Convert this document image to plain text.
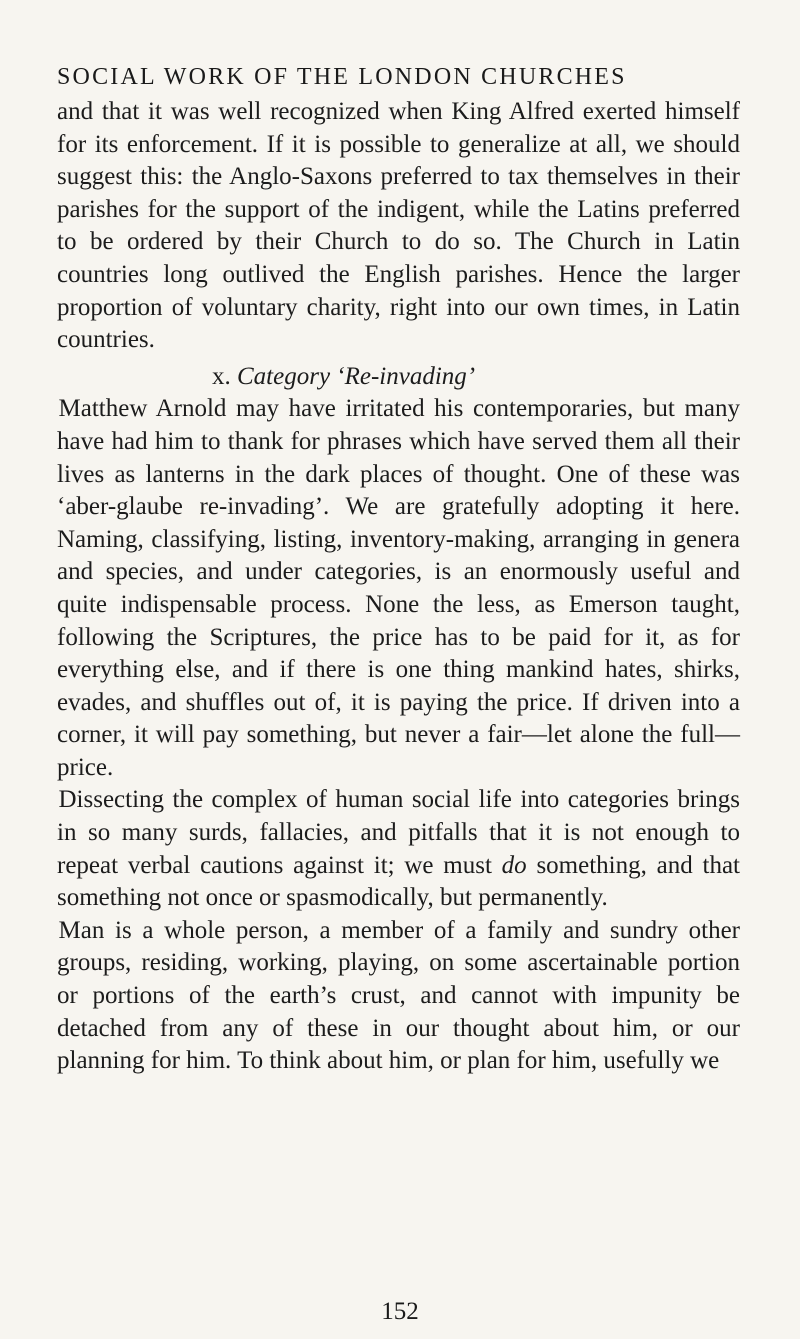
SOCIAL WORK OF THE LONDON CHURCHES

and that it was well recognized when King Alfred exerted himself for its enforcement. If it is possible to generalize at all, we should suggest this: the Anglo-Saxons preferred to tax themselves in their parishes for the support of the indigent, while the Latins preferred to be ordered by their Church to do so. The Church in Latin countries long outlived the English parishes. Hence the larger proportion of voluntary charity, right into our own times, in Latin countries.

x. Category ‘Re-invading’

Matthew Arnold may have irritated his contemporaries, but many have had him to thank for phrases which have served them all their lives as lanterns in the dark places of thought. One of these was ‘aber-glaube re-invading’. We are gratefully adopting it here. Naming, classifying, listing, inventory-making, arranging in genera and species, and under categories, is an enormously useful and quite indispensable process. None the less, as Emerson taught, following the Scriptures, the price has to be paid for it, as for everything else, and if there is one thing mankind hates, shirks, evades, and shuffles out of, it is paying the price. If driven into a corner, it will pay something, but never a fair—let alone the full—price.

Dissecting the complex of human social life into categories brings in so many surds, fallacies, and pitfalls that it is not enough to repeat verbal cautions against it; we must do something, and that something not once or spasmodically, but permanently.

Man is a whole person, a member of a family and sundry other groups, residing, working, playing, on some ascertainable portion or portions of the earth’s crust, and cannot with impunity be detached from any of these in our thought about him, or our planning for him. To think about him, or plan for him, usefully we

152
